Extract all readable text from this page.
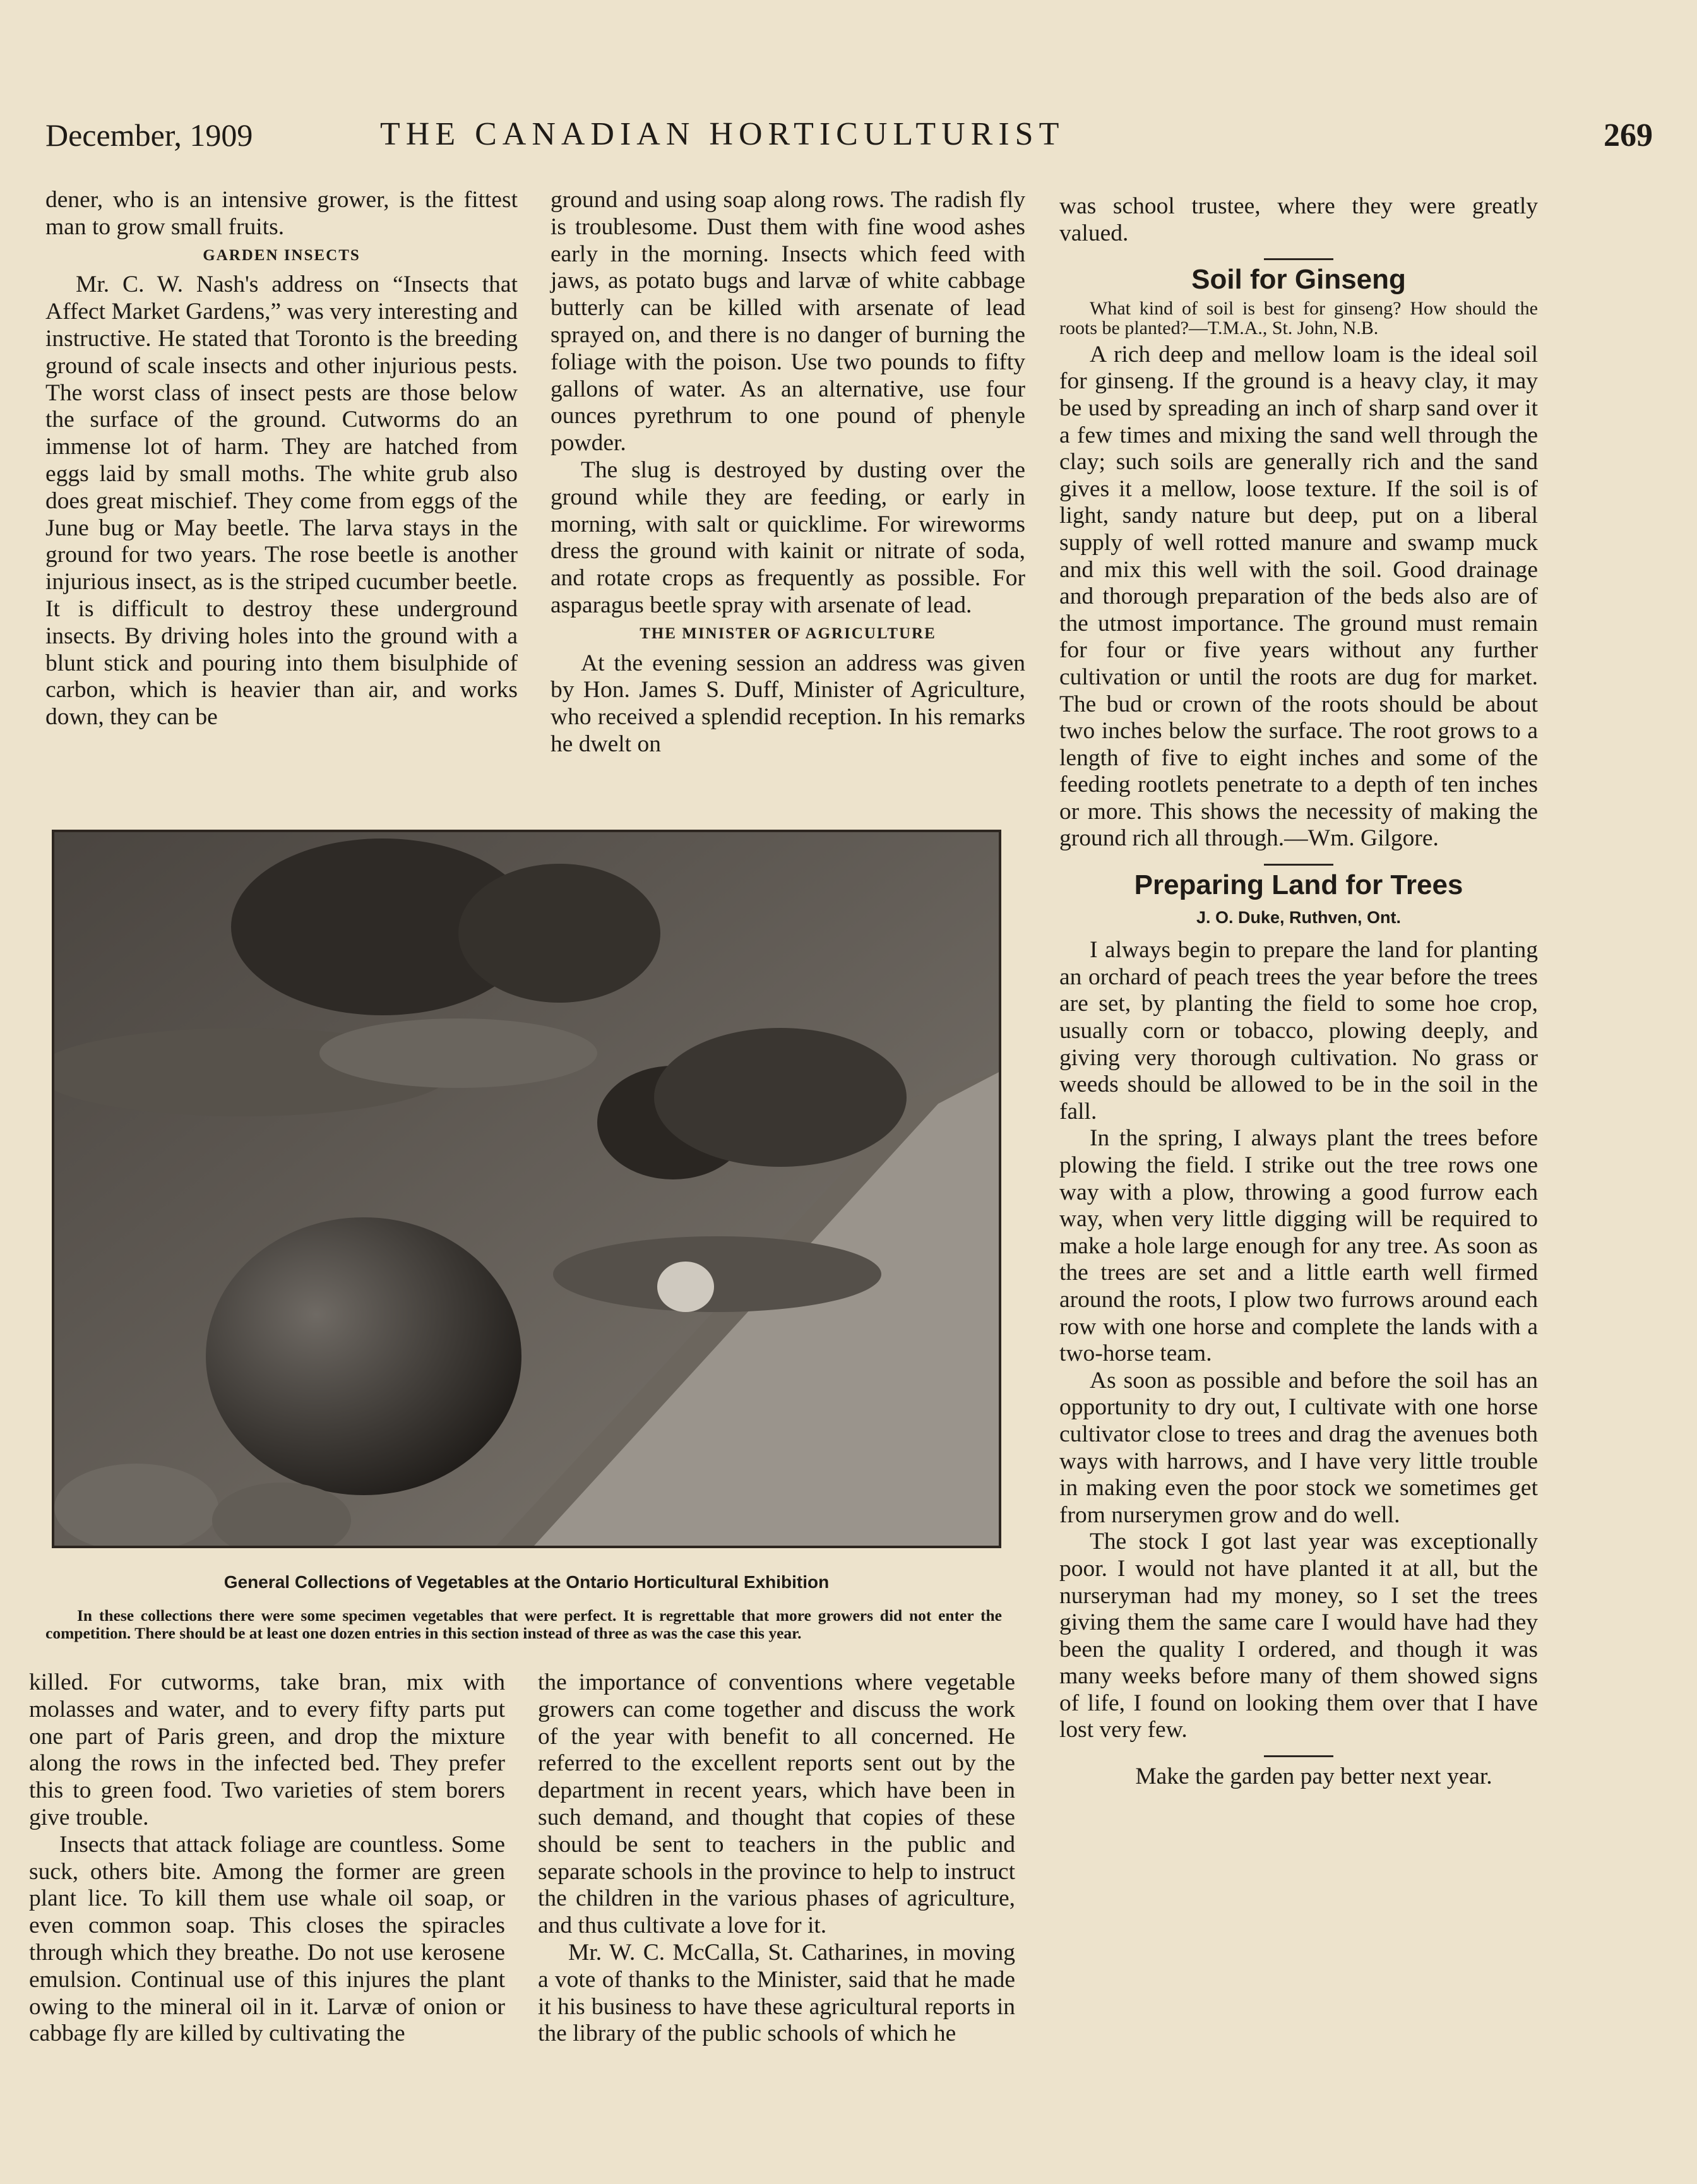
December, 1909	THE CANADIAN HORTICULTURIST	269

dener, who is an intensive grower, is the fittest man to grow small fruits.

GARDEN INSECTS

Mr. C. W. Nash's address on “Insects that Affect Market Gardens,” was very interesting and instructive. He stated that Toronto is the breeding ground of scale insects and other injurious pests. The worst class of insect pests are those below the surface of the ground. Cutworms do an immense lot of harm. They are hatched from eggs laid by small moths. The white grub also does great mischief. They come from eggs of the June bug or May beetle. The larva stays in the ground for two years. The rose beetle is another injurious insect, as is the striped cucumber beetle. It is difficult to destroy these underground insects. By driving holes into the ground with a blunt stick and pouring into them bisulphide of carbon, which is heavier than air, and works down, they can be

ground and using soap along rows. The radish fly is troublesome. Dust them with fine wood ashes early in the morning. Insects which feed with jaws, as potato bugs and larvæ of white cabbage butterly can be killed with arsenate of lead sprayed on, and there is no danger of burning the foliage with the poison. Use two pounds to fifty gallons of water. As an alternative, use four ounces pyrethrum to one pound of phenyle powder.

The slug is destroyed by dusting over the ground while they are feeding, or early in morning, with salt or quicklime. For wireworms dress the ground with kainit or nitrate of soda, and rotate crops as frequently as possible. For asparagus beetle spray with arsenate of lead.

THE MINISTER OF AGRICULTURE

At the evening session an address was given by Hon. James S. Duff, Minister of Agriculture, who received a splendid reception. In his remarks he dwelt on

was school trustee, where they were greatly valued.

Soil for Ginseng
What kind of soil is best for ginseng? How should the roots be planted?—T.M.A., St. John, N.B.

A rich deep and mellow loam is the ideal soil for ginseng. If the ground is a heavy clay, it may be used by spreading an inch of sharp sand over it a few times and mixing the sand well through the clay; such soils are generally rich and the sand gives it a mellow, loose texture. If the soil is of light, sandy nature but deep, put on a liberal supply of well rotted manure and swamp muck and mix this well with the soil. Good drainage and thorough preparation of the beds also are of the utmost importance. The ground must remain for four or five years without any further cultivation or until the roots are dug for market. The bud or crown of the roots should be about two inches below the surface. The root grows to a length of five to eight inches and some of the feeding rootlets penetrate to a depth of ten inches or more. This shows the necessity of making the ground rich all through.—Wm. Gilgore.

Preparing Land for Trees
J. O. Duke, Ruthven, Ont.

I always begin to prepare the land for planting an orchard of peach trees the year before the trees are set, by planting the field to some hoe crop, usually corn or tobacco, plowing deeply, and giving very thorough cultivation. No grass or weeds should be allowed to be in the soil in the fall.

In the spring, I always plant the trees before plowing the field. I strike out the tree rows one way with a plow, throwing a good furrow each way, when very little digging will be required to make a hole large enough for any tree. As soon as the trees are set and a little earth well firmed around the roots, I plow two furrows around each row with one horse and complete the lands with a two-horse team.

As soon as possible and before the soil has an opportunity to dry out, I cultivate with one horse cultivator close to trees and drag the avenues both ways with harrows, and I have very little trouble in making even the poor stock we sometimes get from nurserymen grow and do well.

The stock I got last year was exceptionally poor. I would not have planted it at all, but the nurseryman had my money, so I set the trees giving them the same care I would have had they been the quality I ordered, and though it was many weeks before many of them showed signs of life, I found on looking them over that I have lost very few.

Make the garden pay better next year.

General Collections of Vegetables at the Ontario Horticultural Exhibition
In these collections there were some specimen vegetables that were perfect. It is regrettable that more growers did not enter the competition. There should be at least one dozen entries in this section instead of three as was the case this year.

killed. For cutworms, take bran, mix with molasses and water, and to every fifty parts put one part of Paris green, and drop the mixture along the rows in the infected bed. They prefer this to green food. Two varieties of stem borers give trouble.

Insects that attack foliage are countless. Some suck, others bite. Among the former are green plant lice. To kill them use whale oil soap, or even common soap. This closes the spiracles through which they breathe. Do not use kerosene emulsion. Continual use of this injures the plant owing to the mineral oil in it. Larvæ of onion or cabbage fly are killed by cultivating the

the importance of conventions where vegetable growers can come together and discuss the work of the year with benefit to all concerned. He referred to the excellent reports sent out by the department in recent years, which have been in such demand, and thought that copies of these should be sent to teachers in the public and separate schools in the province to help to instruct the children in the various phases of agriculture, and thus cultivate a love for it.

Mr. W. C. McCalla, St. Catharines, in moving a vote of thanks to the Minister, said that he made it his business to have these agricultural reports in the library of the public schools of which he
